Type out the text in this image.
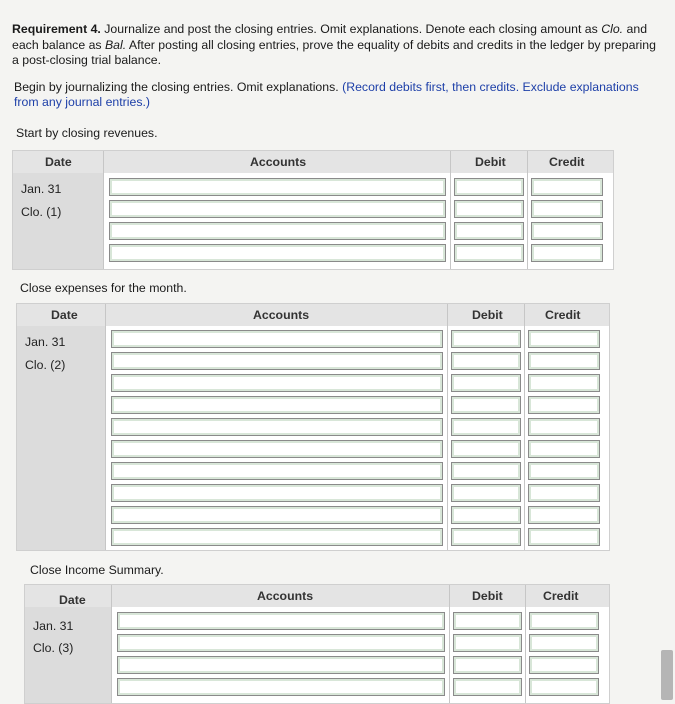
Requirement 4. Journalize and post the closing entries. Omit explanations. Denote each closing amount as Clo. and each balance as Bal. After posting all closing entries, prove the equality of debits and credits in the ledger by preparing a post-closing trial balance.
Begin by journalizing the closing entries. Omit explanations. (Record debits first, then credits. Exclude explanations from any journal entries.)
Start by closing revenues.
Date	Accounts	Debit	Credit
Jan. 31
Clo. (1)
Close expenses for the month.
Date	Accounts	Debit	Credit
Jan. 31
Clo. (2)
Close Income Summary.
Date	Accounts	Debit	Credit
Jan. 31
Clo. (3)
